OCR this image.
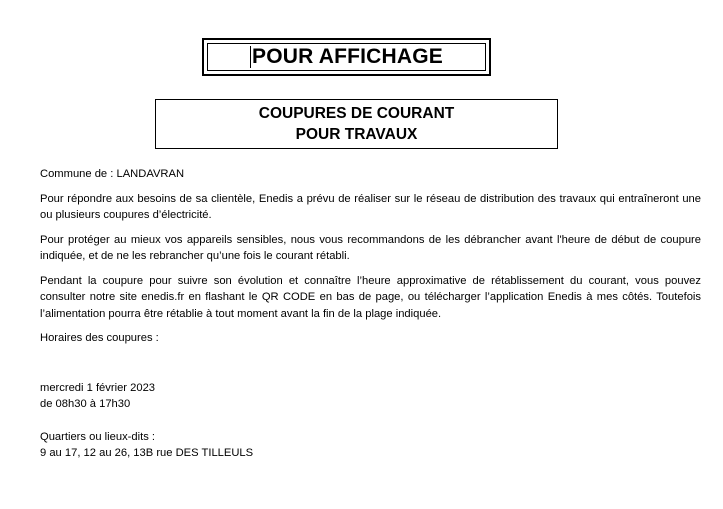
POUR AFFICHAGE
COUPURES DE COURANT
POUR TRAVAUX

Commune de : LANDAVRAN

Pour répondre aux besoins de sa clientèle, Enedis a prévu de réaliser sur le réseau de distribution des travaux qui entraîneront une ou plusieurs coupures d’électricité.

Pour protéger au mieux vos appareils sensibles, nous vous recommandons de les débrancher avant l'heure de début de coupure indiquée, et de ne les rebrancher qu’une fois le courant rétabli.

Pendant la coupure pour suivre son évolution et connaître l’heure approximative de rétablissement du courant, vous pouvez consulter notre site enedis.fr en flashant le QR CODE en bas de page, ou télécharger l’application Enedis à mes côtés. Toutefois l’alimentation pourra être rétablie à tout moment avant la fin de la plage indiquée.

Horaires des coupures :

mercredi 1 février 2023

de 08h30 à 17h30

Quartiers ou lieux-dits :

9 au 17, 12 au 26, 13B rue DES TILLEULS
